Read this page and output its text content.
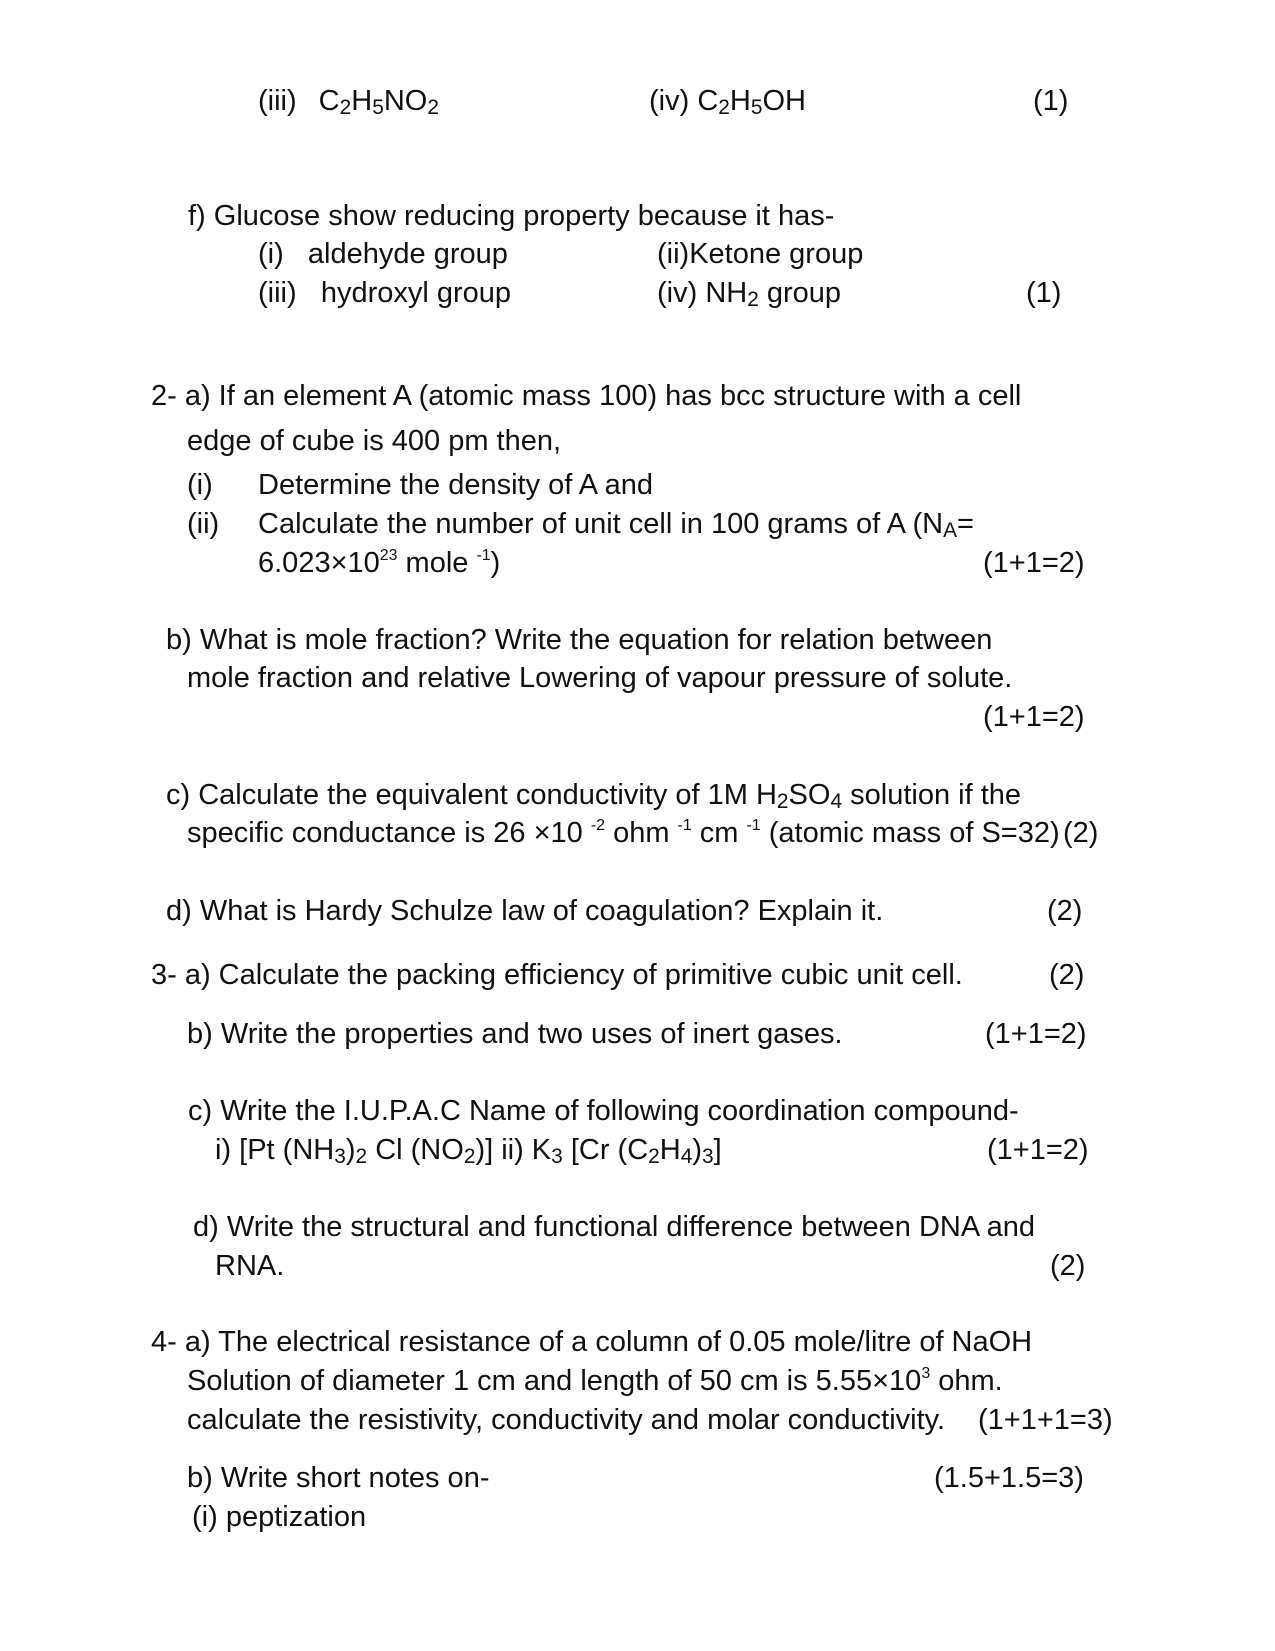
(iii) $C_2H_5NO_2$	(iv) $C_2H_5OH$	(1)
f) Glucose show reducing property because it has-
(i)   aldehyde group	(ii)Ketone group
(iii)   hydroxyl group	(iv) $NH_2$ group	(1)
2- a) If an element A (atomic mass 100) has bcc structure with a cell
edge of cube is 400 pm then,
(i) Determine the density of A and
(ii) Calculate the number of unit cell in 100 grams of A ($N_A=$
$6.023\times 10^{23}$ mole $^{-1}$)	(1+1=2)
b) What is mole fraction? Write the equation for relation between
mole fraction and relative Lowering of vapour pressure of solute.
(1+1=2)
c) Calculate the equivalent conductivity of 1M $H_2SO_4$ solution if the
specific conductance is 26 ×10 $^{-2}$ ohm $^{-1}$ cm $^{-1}$ (atomic mass of S=32) (2)
d) What is Hardy Schulze law of coagulation? Explain it.	(2)
3- a) Calculate the packing efficiency of primitive cubic unit cell.	(2)
b) Write the properties and two uses of inert gases.	(1+1=2)
c) Write the I.U.P.A.C Name of following coordination compound-
i) [Pt $(NH_3)_2$ Cl $(NO_2)$] ii) $K_3$ [Cr $(C_2H_4)_3$]	(1+1=2)
d) Write the structural and functional difference between DNA and
RNA.	(2)
4- a) The electrical resistance of a column of 0.05 mole/litre of NaOH
Solution of diameter 1 cm and length of 50 cm is $5.55\times 10^3$ ohm.
calculate the resistivity, conductivity and molar conductivity. (1+1+1=3)
b) Write short notes on-	(1.5+1.5=3)
(i) peptization
